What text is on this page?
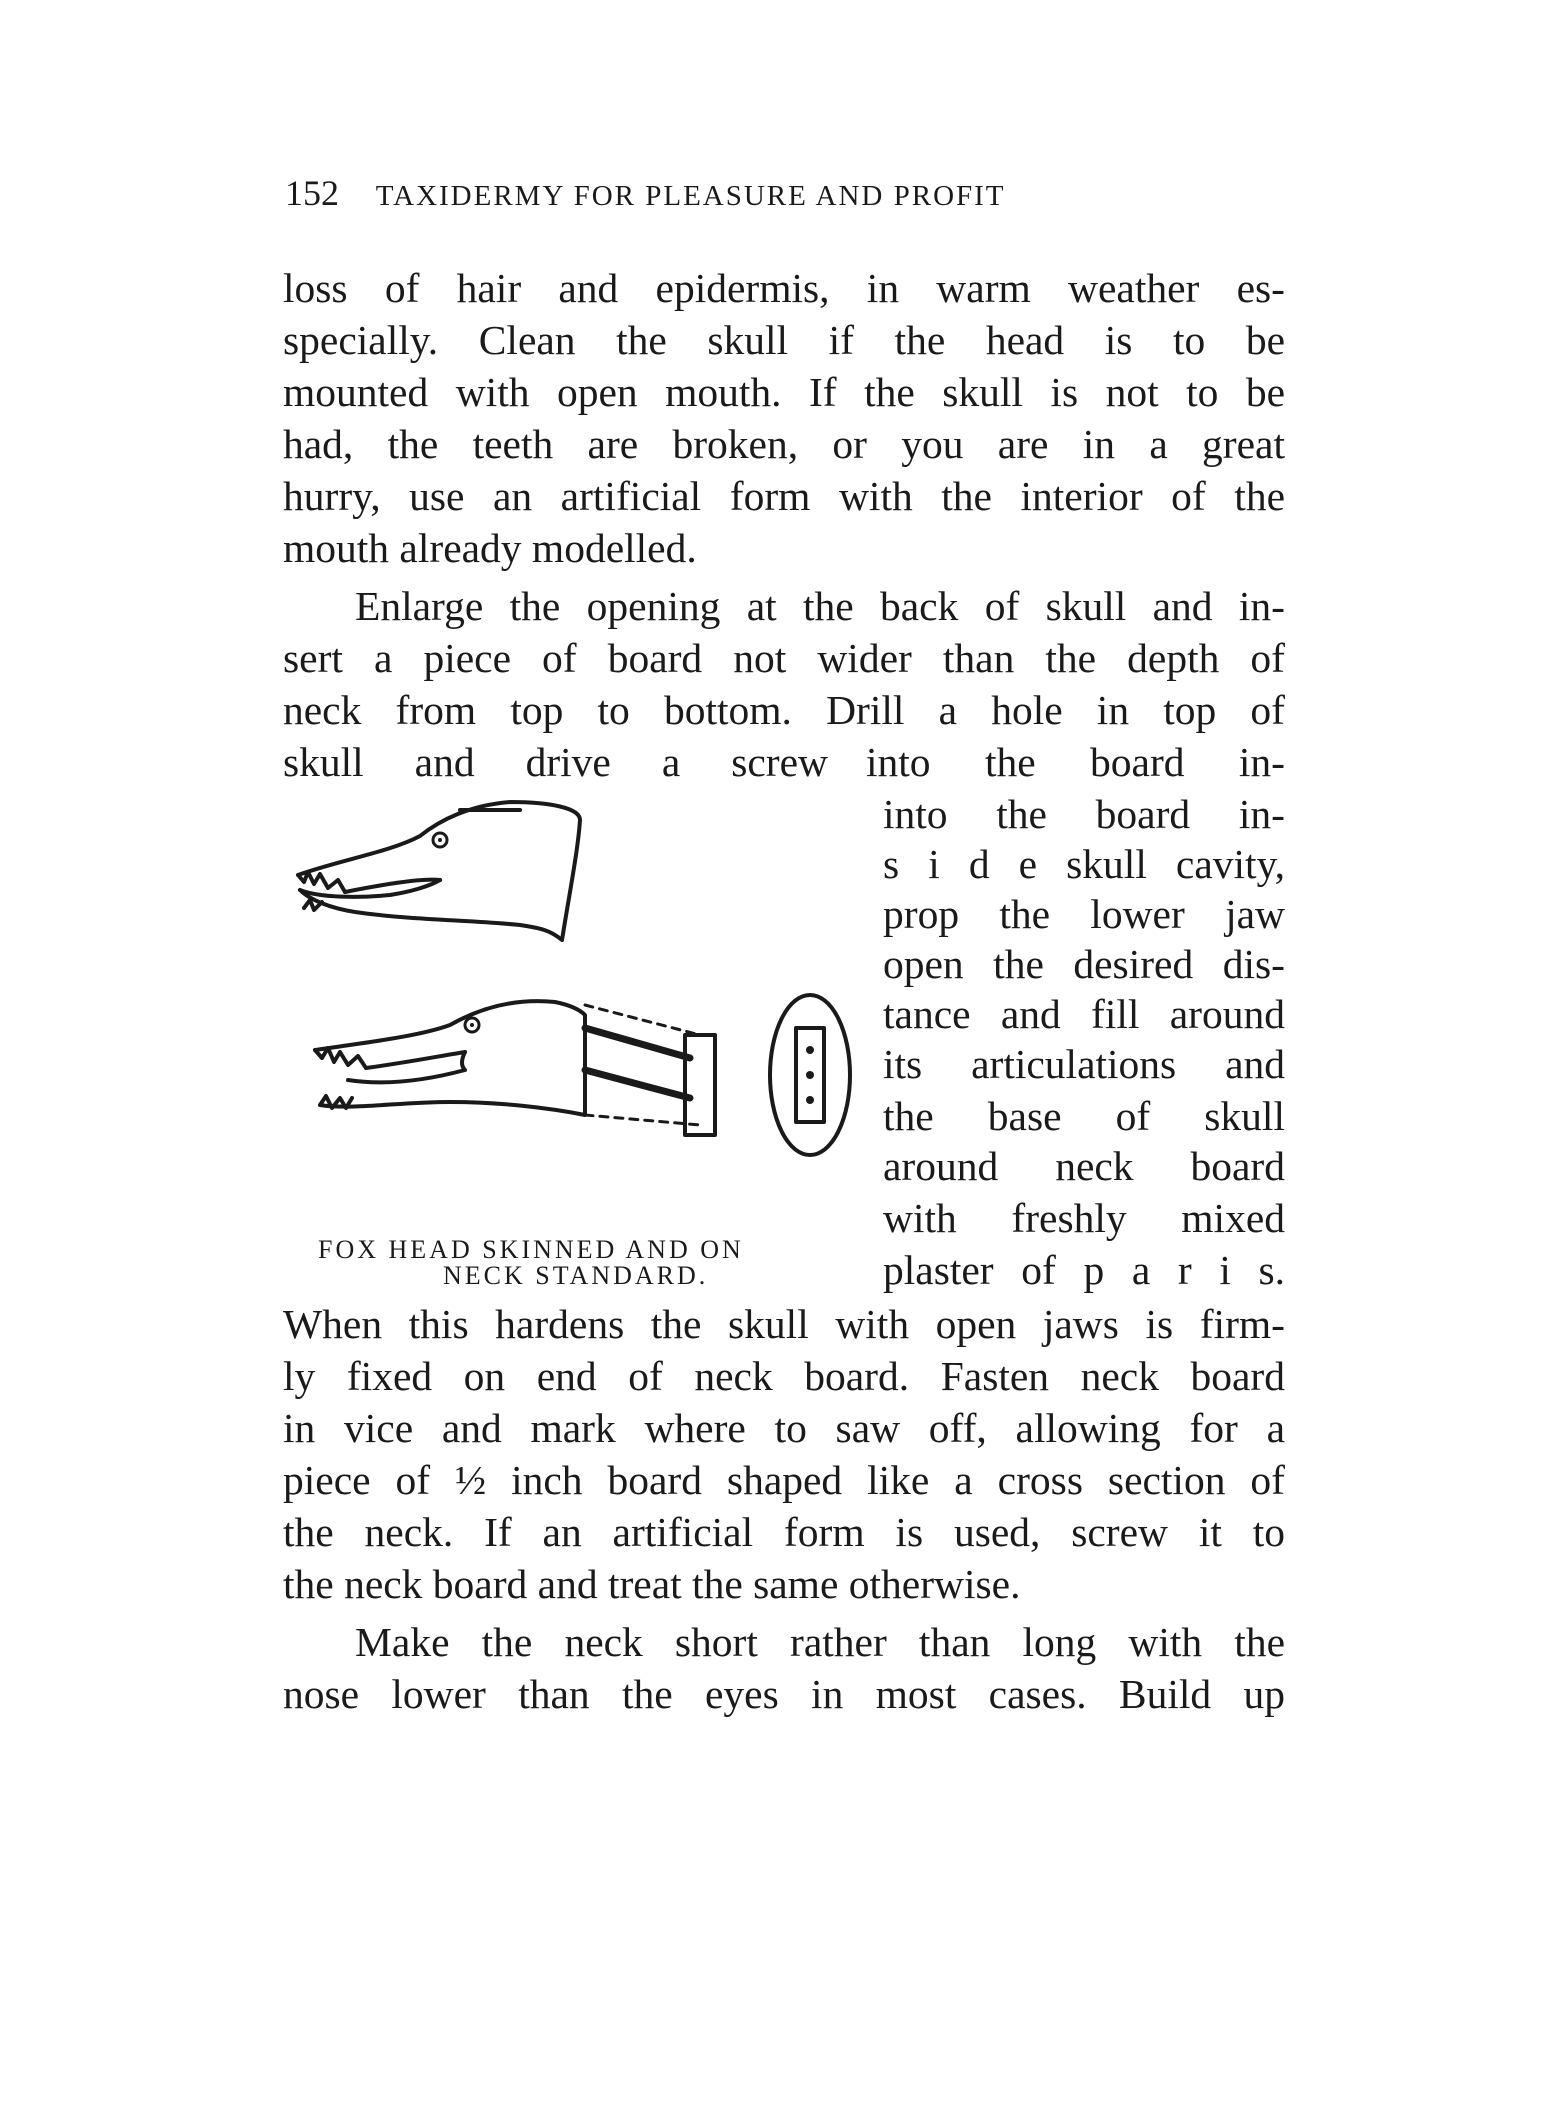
152 TAXIDERMY FOR PLEASURE AND PROFIT
loss of hair and epidermis, in warm weather es-
specially. Clean the skull if the head is to be
mounted with open mouth. If the skull is not to be
had, the teeth are broken, or you are in a great
hurry, use an artificial form with the interior of the
mouth already modelled.
Enlarge the opening at the back of skull and in-
sert a piece of board not wider than the depth of
neck from top to bottom. Drill a hole in top of
skull and drive a screw into the board in-
into the board in-
s i d e skull cavity,
prop the lower jaw
open the desired dis-
tance and fill around
its articulations and
the base of skull
around neck board
with freshly mixed
plaster of p a r i s.
When this hardens the skull with open jaws is firm-
ly fixed on end of neck board. Fasten neck board
in vice and mark where to saw off, allowing for a
piece of ½ inch board shaped like a cross section of
the neck. If an artificial form is used, screw it to
the neck board and treat the same otherwise.
Make the neck short rather than long with the
nose lower than the eyes in most cases. Build up
FOX HEAD SKINNED AND ON
NECK STANDARD.
